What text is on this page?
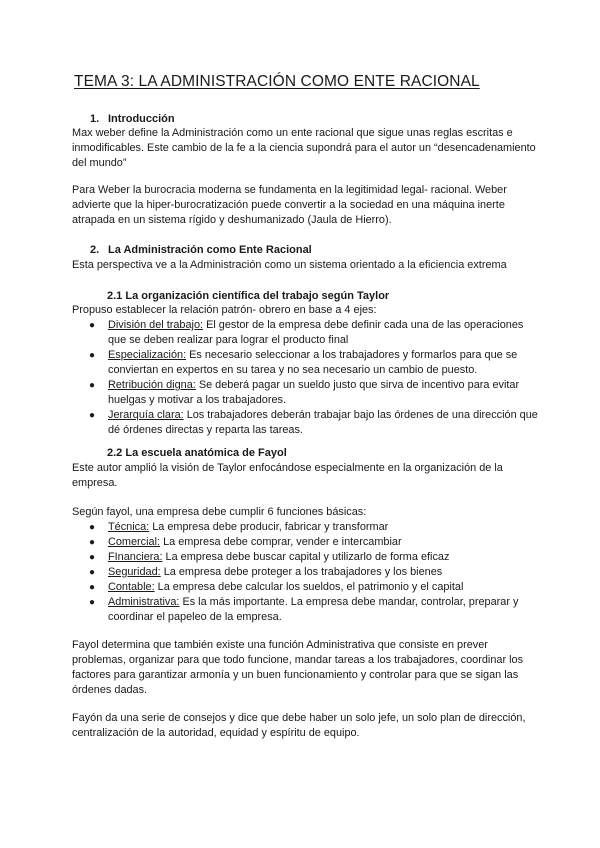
TEMA 3: LA ADMINISTRACIÓN COMO ENTE RACIONAL
1. Introducción

Max weber define la Administración como un ente racional que sigue unas reglas escritas e inmodificables. Este cambio de la fe a la ciencia supondrá para el autor un “desencadenamiento del mundo”

Para Weber la burocracia moderna se fundamenta en la legitimidad legal- racional. Weber advierte que la hiper-burocratización puede convertir a la sociedad en una máquina inerte atrapada en un sistema rígido y deshumanizado (Jaula de Hierro).

2. La Administración como Ente Racional

Esta perspectiva ve a la Administración como un sistema orientado a la eficiencia extrema

2.1 La organización científica del trabajo según Taylor

Propuso establecer la relación patrón- obrero en base a 4 ejes:

● División del trabajo: El gestor de la empresa debe definir cada una de las operaciones que se deben realizar para lograr el producto final
● Especialización: Es necesario seleccionar a los trabajadores y formarlos para que se conviertan en expertos en su tarea y no sea necesario un cambio de puesto.
● Retribución digna: Se deberá pagar un sueldo justo que sirva de incentivo para evitar huelgas y motivar a los trabajadores.
● Jerarquía clara: Los trabajadores deberán trabajar bajo las órdenes de una dirección que dé órdenes directas y reparta las tareas.
2.2 La escuela anatómica de Fayol

Este autor amplió la visión de Taylor enfocándose especialmente en la organización de la empresa.

Según fayol, una empresa debe cumplir 6 funciones básicas:

● Técnica: La empresa debe producir, fabricar y transformar
● Comercial: La empresa debe comprar, vender e intercambiar
● FInanciera: La empresa debe buscar capital y utilizarlo de forma eficaz
● Seguridad: La empresa debe proteger a los trabajadores y los bienes
● Contable: La empresa debe calcular los sueldos, el patrimonio y el capital
● Administrativa: Es la más importante. La empresa debe mandar, controlar, preparar y coordinar el papeleo de la empresa.

Fayol determina que también existe una función Administrativa que consiste en prever problemas, organizar para que todo funcione, mandar tareas a los trabajadores, coordinar los factores para garantizar armonía y un buen funcionamiento y controlar para que se sigan las órdenes dadas.

Fayón da una serie de consejos y dice que debe haber un solo jefe, un solo plan de dirección, centralización de la autoridad, equidad y espíritu de equipo.
